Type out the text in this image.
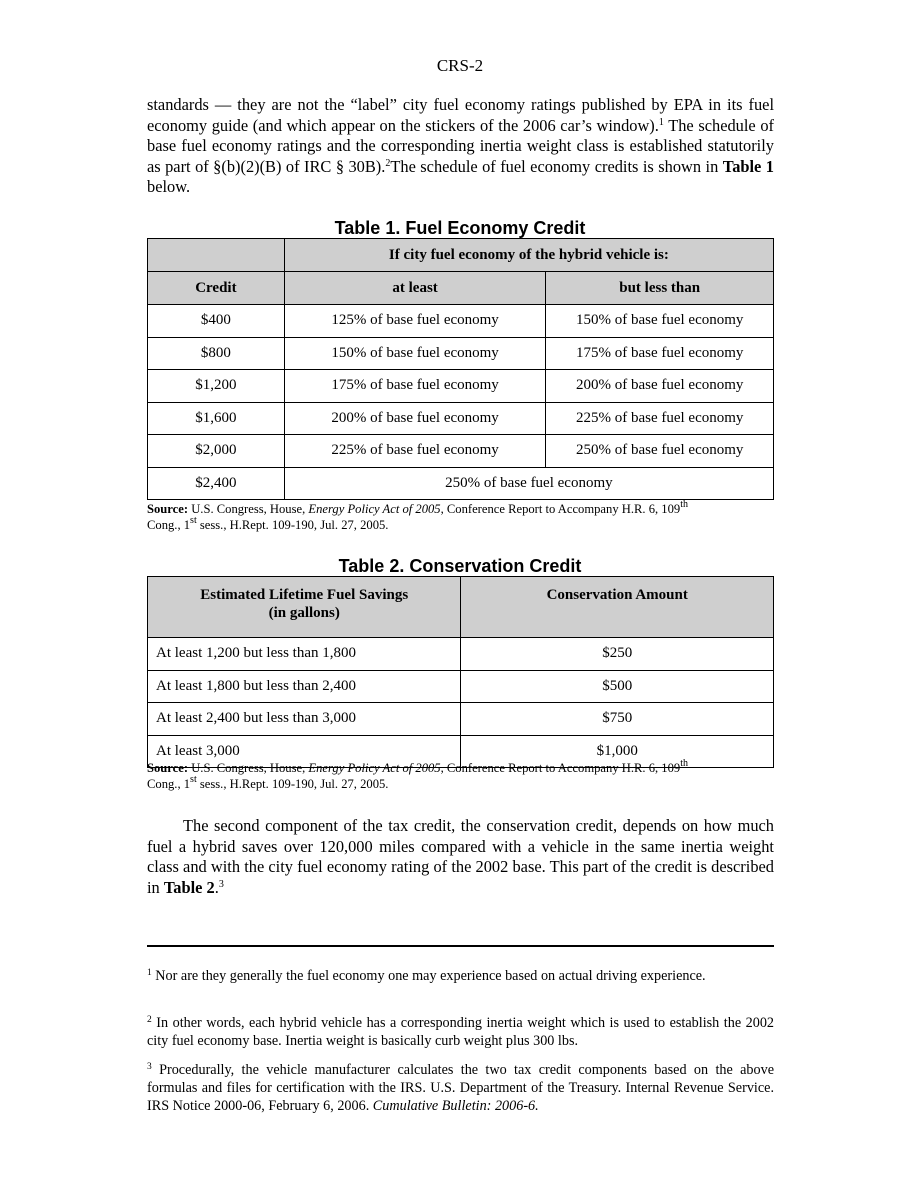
CRS-2
standards — they are not the “label” city fuel economy ratings published by EPA in its fuel economy guide (and which appear on the stickers of the 2006 car’s window).$^1$ The schedule of base fuel economy ratings and the corresponding inertia weight class is established statutorily as part of §(b)(2)(B) of IRC § 30B).$^2$The schedule of fuel economy credits is shown in Table 1 below.
Table 1. Fuel Economy Credit
	If city fuel economy of the hybrid vehicle is:	
Credit	at least	but less than
$400	125% of base fuel economy	150% of base fuel economy
$800	150% of base fuel economy	175% of base fuel economy
$1,200	175% of base fuel economy	200% of base fuel economy
$1,600	200% of base fuel economy	225% of base fuel economy
$2,000	225% of base fuel economy	250% of base fuel economy
$2,400	250% of base fuel economy	
Source: U.S. Congress, House, Energy Policy Act of 2005, Conference Report to Accompany H.R. 6, 109th
Cong., 1st sess., H.Rept. 109-190, Jul. 27, 2005.
Table 2. Conservation Credit
Estimated Lifetime Fuel Savings
(in gallons)	Conservation Amount
At least 1,200 but less than 1,800	$250
At least 1,800 but less than 2,400	$500
At least 2,400 but less than 3,000	$750
At least 3,000	$1,000
Source: U.S. Congress, House, Energy Policy Act of 2005, Conference Report to Accompany H.R. 6, 109th
Cong., 1st sess., H.Rept. 109-190, Jul. 27, 2005.
The second component of the tax credit, the conservation credit, depends on how much fuel a hybrid saves over 120,000 miles compared with a vehicle in the same inertia weight class and with the city fuel economy rating of the 2002 base. This part of the credit is described in Table 2.$^3$
$^1$ Nor are they generally the fuel economy one may experience based on actual driving experience.
$^2$ In other words, each hybrid vehicle has a corresponding inertia weight which is used to establish the 2002 city fuel economy base. Inertia weight is basically curb weight plus 300 lbs.
$^3$ Procedurally, the vehicle manufacturer calculates the two tax credit components based on the above formulas and files for certification with the IRS. U.S. Department of the Treasury. Internal Revenue Service. IRS Notice 2000-06, February 6, 2006. Cumulative Bulletin: 2006-6.
